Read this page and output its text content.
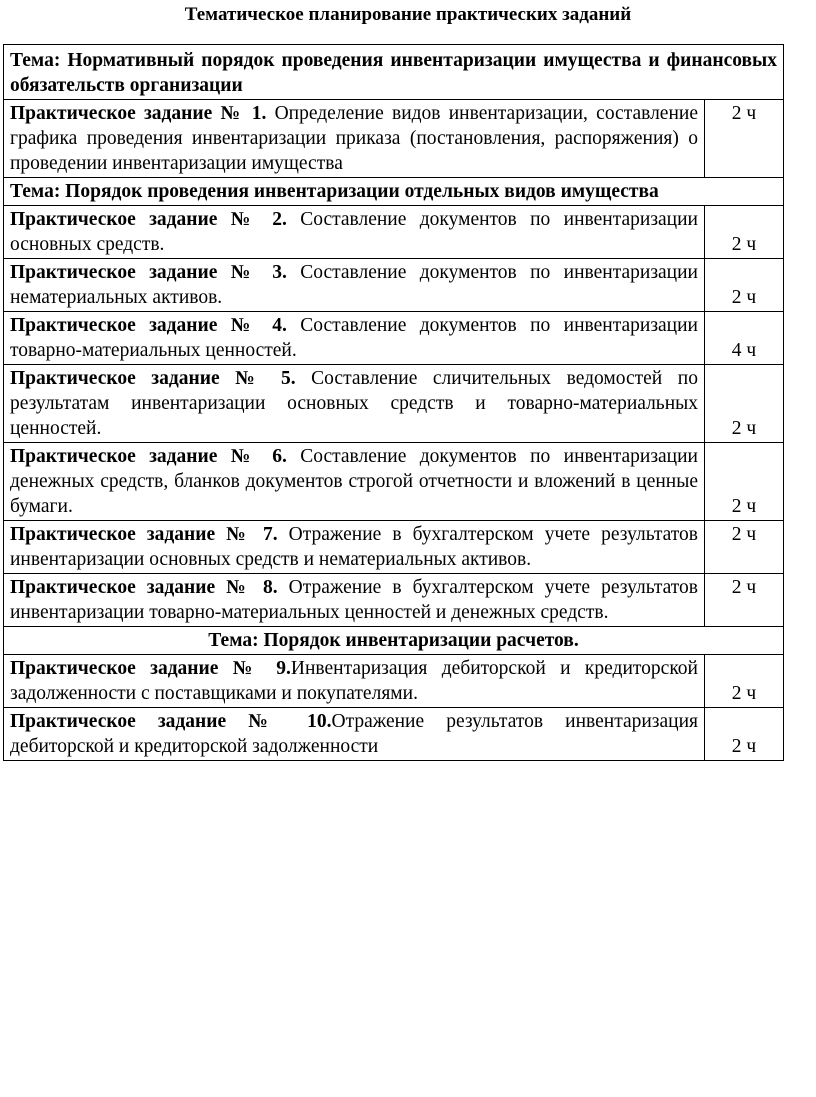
Тематическое планирование практических заданий
Тема: Нормативный порядок проведения инвентаризации имущества и финансовых обязательств организации	
Практическое задание № 1. Определение видов инвентаризации, составление графика проведения инвентаризации приказа (постановления, распоряжения) о проведении инвентаризации имущества	2 ч
Тема: Порядок проведения инвентаризации отдельных видов имущества	
Практическое задание № 2. Составление документов по инвентаризации основных средств.	2 ч
Практическое задание № 3. Составление документов по инвентаризации нематериальных активов.	2 ч
Практическое задание № 4. Составление документов по инвентаризации товарно-материальных ценностей.	4 ч
Практическое задание № 5. Составление сличительных ведомостей по результатам инвентаризации основных средств и товарно-материальных ценностей.	2 ч
Практическое задание № 6. Составление документов по инвентаризации денежных средств, бланков документов строгой отчетности и вложений в ценные бумаги.	2 ч
Практическое задание № 7. Отражение в бухгалтерском учете результатов инвентаризации основных средств и нематериальных активов.	2 ч
Практическое задание № 8. Отражение в бухгалтерском учете результатов инвентаризации товарно-материальных ценностей и денежных средств.	2 ч
Тема: Порядок инвентаризации расчетов.	
Практическое задание № 9.Инвентаризация дебиторской и кредиторской задолженности с поставщиками и покупателями.	2 ч
Практическое задание № 10.Отражение результатов инвентаризация дебиторской и кредиторской задолженности	2 ч
